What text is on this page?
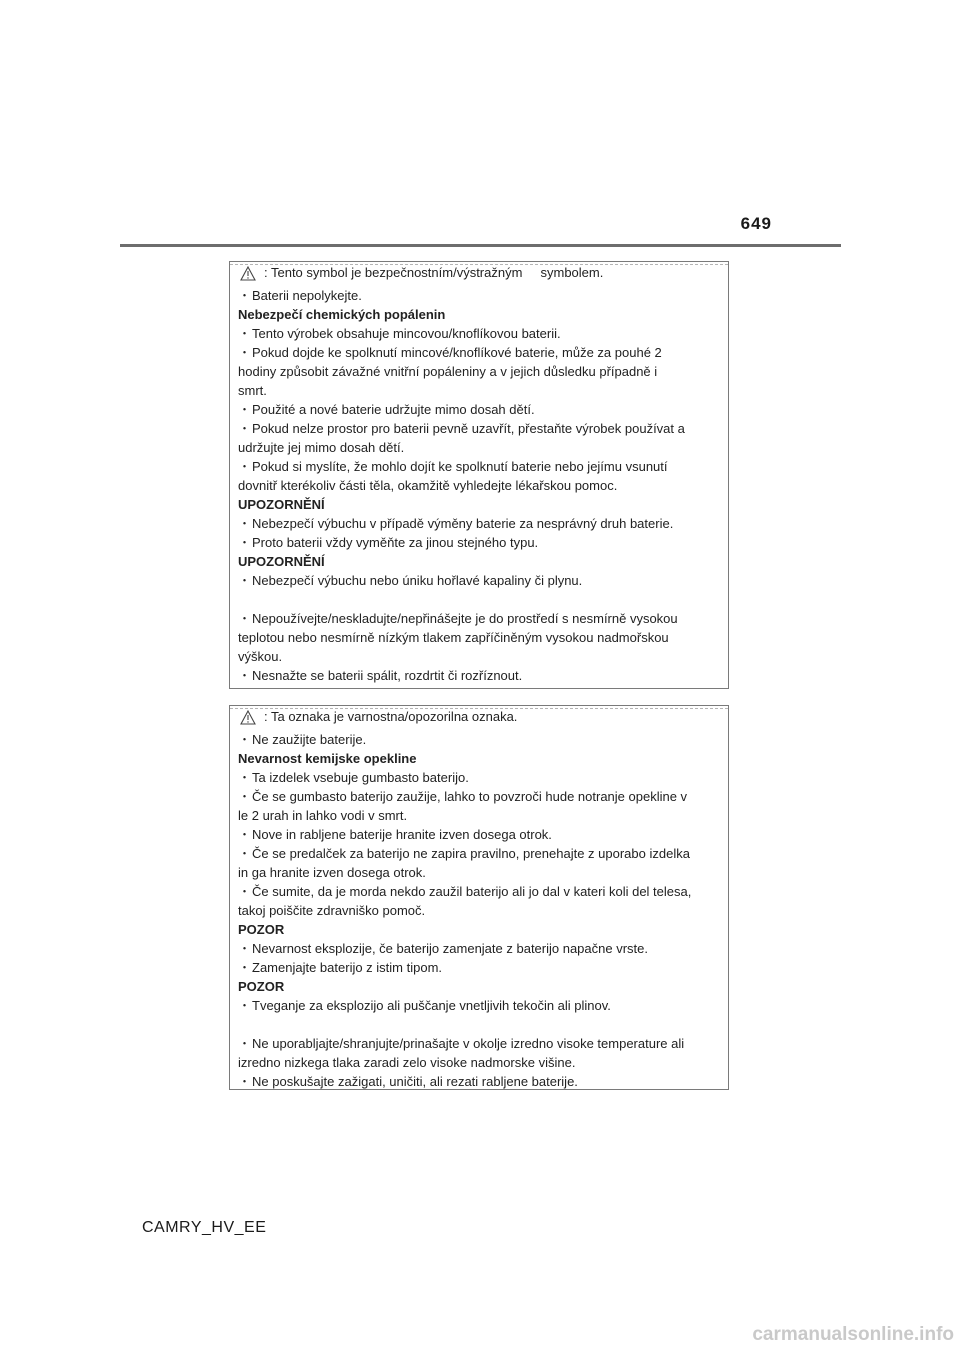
649
: Tento symbol je bezpečnostním/výstražným     symbolem.
・Baterii nepolykejte.
Nebezpečí chemických popálenin
・Tento výrobek obsahuje mincovou/knoflíkovou baterii.
・Pokud dojde ke spolknutí mincové/knoflíkové baterie, může za pouhé 2
hodiny způsobit závažné vnitřní popáleniny a v jejich důsledku případně i
smrt.
・Použité a nové baterie udržujte mimo dosah dětí.
・Pokud nelze prostor pro baterii pevně uzavřít, přestaňte výrobek používat a
udržujte jej mimo dosah dětí.
・Pokud si myslíte, že mohlo dojít ke spolknutí baterie nebo jejímu vsunutí
dovnitř kterékoliv části těla, okamžitě vyhledejte lékařskou pomoc.
UPOZORNĚNÍ
・Nebezpečí výbuchu v případě výměny baterie za nesprávný druh baterie.
・Proto baterii vždy vyměňte za jinou stejného typu.
UPOZORNĚNÍ
・Nebezpečí výbuchu nebo úniku hořlavé kapaliny či plynu.
・Nepoužívejte/neskladujte/nepřinášejte je do prostředí s nesmírně vysokou
teplotou nebo nesmírně nízkým tlakem zapříčiněným vysokou nadmořskou
výškou.
・Nesnažte se baterii spálit, rozdrtit či rozříznout.
: Ta oznaka je varnostna/opozorilna oznaka.
・Ne zaužijte baterije.
Nevarnost kemijske opekline
・Ta izdelek vsebuje gumbasto baterijo.
・Če se gumbasto baterijo zaužije, lahko to povzroči hude notranje opekline v
le 2 urah in lahko vodi v smrt.
・Nove in rabljene baterije hranite izven dosega otrok.
・Če se predalček za baterijo ne zapira pravilno, prenehajte z uporabo izdelka
in ga hranite izven dosega otrok.
・Če sumite, da je morda nekdo zaužil baterijo ali jo dal v kateri koli del telesa,
takoj poiščite zdravniško pomoč.
POZOR
・Nevarnost eksplozije, če baterijo zamenjate z baterijo napačne vrste.
・Zamenjajte baterijo z istim tipom.
POZOR
・Tveganje za eksplozijo ali puščanje vnetljivih tekočin ali plinov.
・Ne uporabljajte/shranjujte/prinašajte v okolje izredno visoke temperature ali
izredno nizkega tlaka zaradi zelo visoke nadmorske višine.
・Ne poskušajte zažigati, uničiti, ali rezati rabljene baterije.
CAMRY_HV_EE
carmanualsonline.info
